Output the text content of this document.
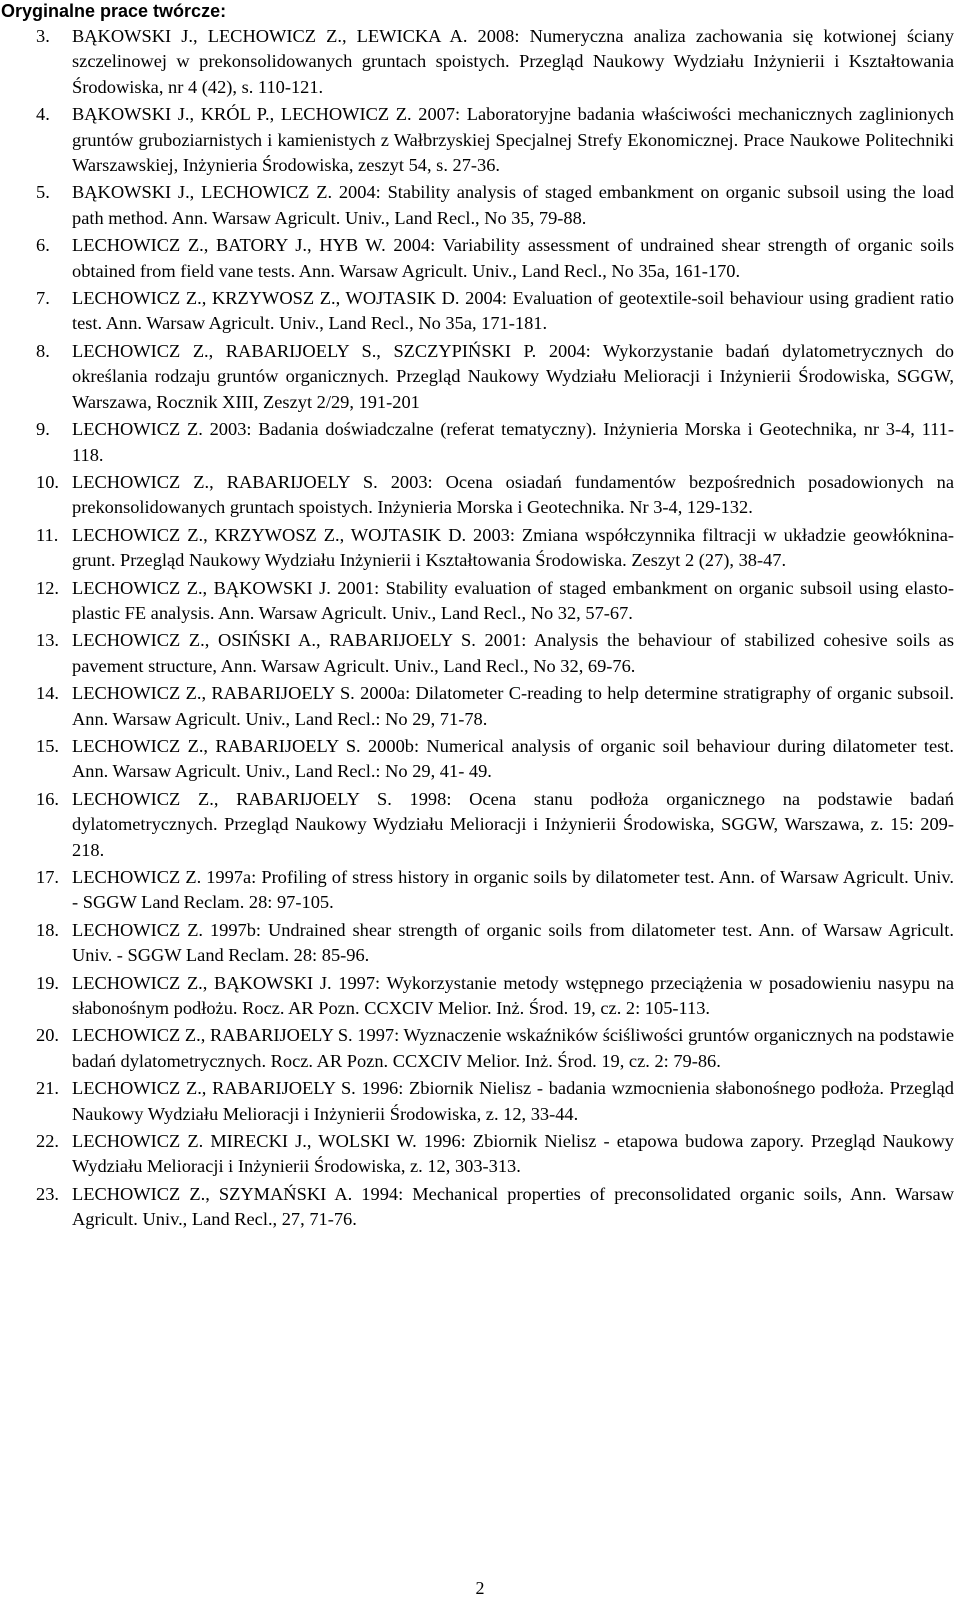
Oryginalne prace twórcze:
3. BĄKOWSKI J., LECHOWICZ Z., LEWICKA A. 2008: Numeryczna analiza zachowania się kotwionej ściany szczelinowej w prekonsolidowanych gruntach spoistych. Przegląd Naukowy Wydziału Inżynierii i Kształtowania Środowiska, nr 4 (42), s. 110-121.
4. BĄKOWSKI J., KRÓL P., LECHOWICZ Z. 2007: Laboratoryjne badania właściwości mechanicznych zaglinionych gruntów gruboziarnistych i kamienistych z Wałbrzyskiej Specjalnej Strefy Ekonomicznej. Prace Naukowe Politechniki Warszawskiej, Inżynieria Środowiska, zeszyt 54, s. 27-36.
5. BĄKOWSKI J., LECHOWICZ Z. 2004: Stability analysis of staged embankment on organic subsoil using the load path method. Ann. Warsaw Agricult. Univ., Land Recl., No 35, 79-88.
6. LECHOWICZ Z., BATORY J., HYB W. 2004: Variability assessment of undrained shear strength of organic soils obtained from field vane tests. Ann. Warsaw Agricult. Univ., Land Recl., No 35a, 161-170.
7. LECHOWICZ Z., KRZYWOSZ Z., WOJTASIK D. 2004: Evaluation of geotextile-soil behaviour using gradient ratio test. Ann. Warsaw Agricult. Univ., Land Recl., No 35a, 171-181.
8. LECHOWICZ Z., RABARIJOELY S., SZCZYPIŃSKI P. 2004: Wykorzystanie badań dylatometrycznych do określania rodzaju gruntów organicznych. Przegląd Naukowy Wydziału Melioracji i Inżynierii Środowiska, SGGW, Warszawa, Rocznik XIII, Zeszyt 2/29, 191-201
9. LECHOWICZ Z. 2003: Badania doświadczalne (referat tematyczny). Inżynieria Morska i Geotechnika, nr 3-4, 111-118.
10. LECHOWICZ Z., RABARIJOELY S. 2003: Ocena osiadań fundamentów bezpośrednich posadowionych na prekonsolidowanych gruntach spoistych. Inżynieria Morska i Geotechnika. Nr 3-4, 129-132.
11. LECHOWICZ Z., KRZYWOSZ Z., WOJTASIK D. 2003: Zmiana współczynnika filtracji w układzie geowłóknina-grunt. Przegląd Naukowy Wydziału Inżynierii i Kształtowania Środowiska. Zeszyt 2 (27), 38-47.
12. LECHOWICZ Z., BĄKOWSKI J. 2001: Stability evaluation of staged embankment on organic subsoil using elasto-plastic FE analysis. Ann. Warsaw Agricult. Univ., Land Recl., No 32, 57-67.
13. LECHOWICZ Z., OSIŃSKI A., RABARIJOELY S. 2001: Analysis the behaviour of stabilized cohesive soils as pavement structure, Ann. Warsaw Agricult. Univ., Land Recl., No 32, 69-76.
14. LECHOWICZ Z., RABARIJOELY S. 2000a: Dilatometer C-reading to help determine stratigraphy of organic subsoil. Ann. Warsaw Agricult. Univ., Land Recl.: No 29, 71-78.
15. LECHOWICZ Z., RABARIJOELY S. 2000b: Numerical analysis of organic soil behaviour during dilatometer test. Ann. Warsaw Agricult. Univ., Land Recl.: No 29, 41- 49.
16. LECHOWICZ Z., RABARIJOELY S. 1998: Ocena stanu podłoża organicznego na podstawie badań dylatometrycznych. Przegląd Naukowy Wydziału Melioracji i Inżynierii Środowiska, SGGW, Warszawa, z. 15: 209-218.
17. LECHOWICZ Z. 1997a: Profiling of stress history in organic soils by dilatometer test. Ann. of Warsaw Agricult. Univ. - SGGW Land Reclam. 28: 97-105.
18. LECHOWICZ Z. 1997b: Undrained shear strength of organic soils from dilatometer test. Ann. of Warsaw Agricult. Univ. - SGGW Land Reclam. 28: 85-96.
19. LECHOWICZ Z., BĄKOWSKI J. 1997: Wykorzystanie metody wstępnego przeciążenia w posadowieniu nasypu na słabonośnym podłożu. Rocz. AR Pozn. CCXCIV Melior. Inż. Środ. 19, cz. 2: 105-113.
20. LECHOWICZ Z., RABARIJOELY S. 1997: Wyznaczenie wskaźników ściśliwości gruntów organicznych na podstawie badań dylatometrycznych. Rocz. AR Pozn. CCXCIV Melior. Inż. Środ. 19, cz. 2: 79-86.
21. LECHOWICZ Z., RABARIJOELY S. 1996: Zbiornik Nielisz - badania wzmocnienia słabonośnego podłoża. Przegląd Naukowy Wydziału Melioracji i Inżynierii Środowiska, z. 12, 33-44.
22. LECHOWICZ Z. MIRECKI J., WOLSKI W. 1996: Zbiornik Nielisz - etapowa budowa zapory. Przegląd Naukowy Wydziału Melioracji i Inżynierii Środowiska, z. 12, 303-313.
23. LECHOWICZ Z., SZYMAŃSKI A. 1994: Mechanical properties of preconsolidated organic soils, Ann. Warsaw Agricult. Univ., Land Recl., 27, 71-76.
2
